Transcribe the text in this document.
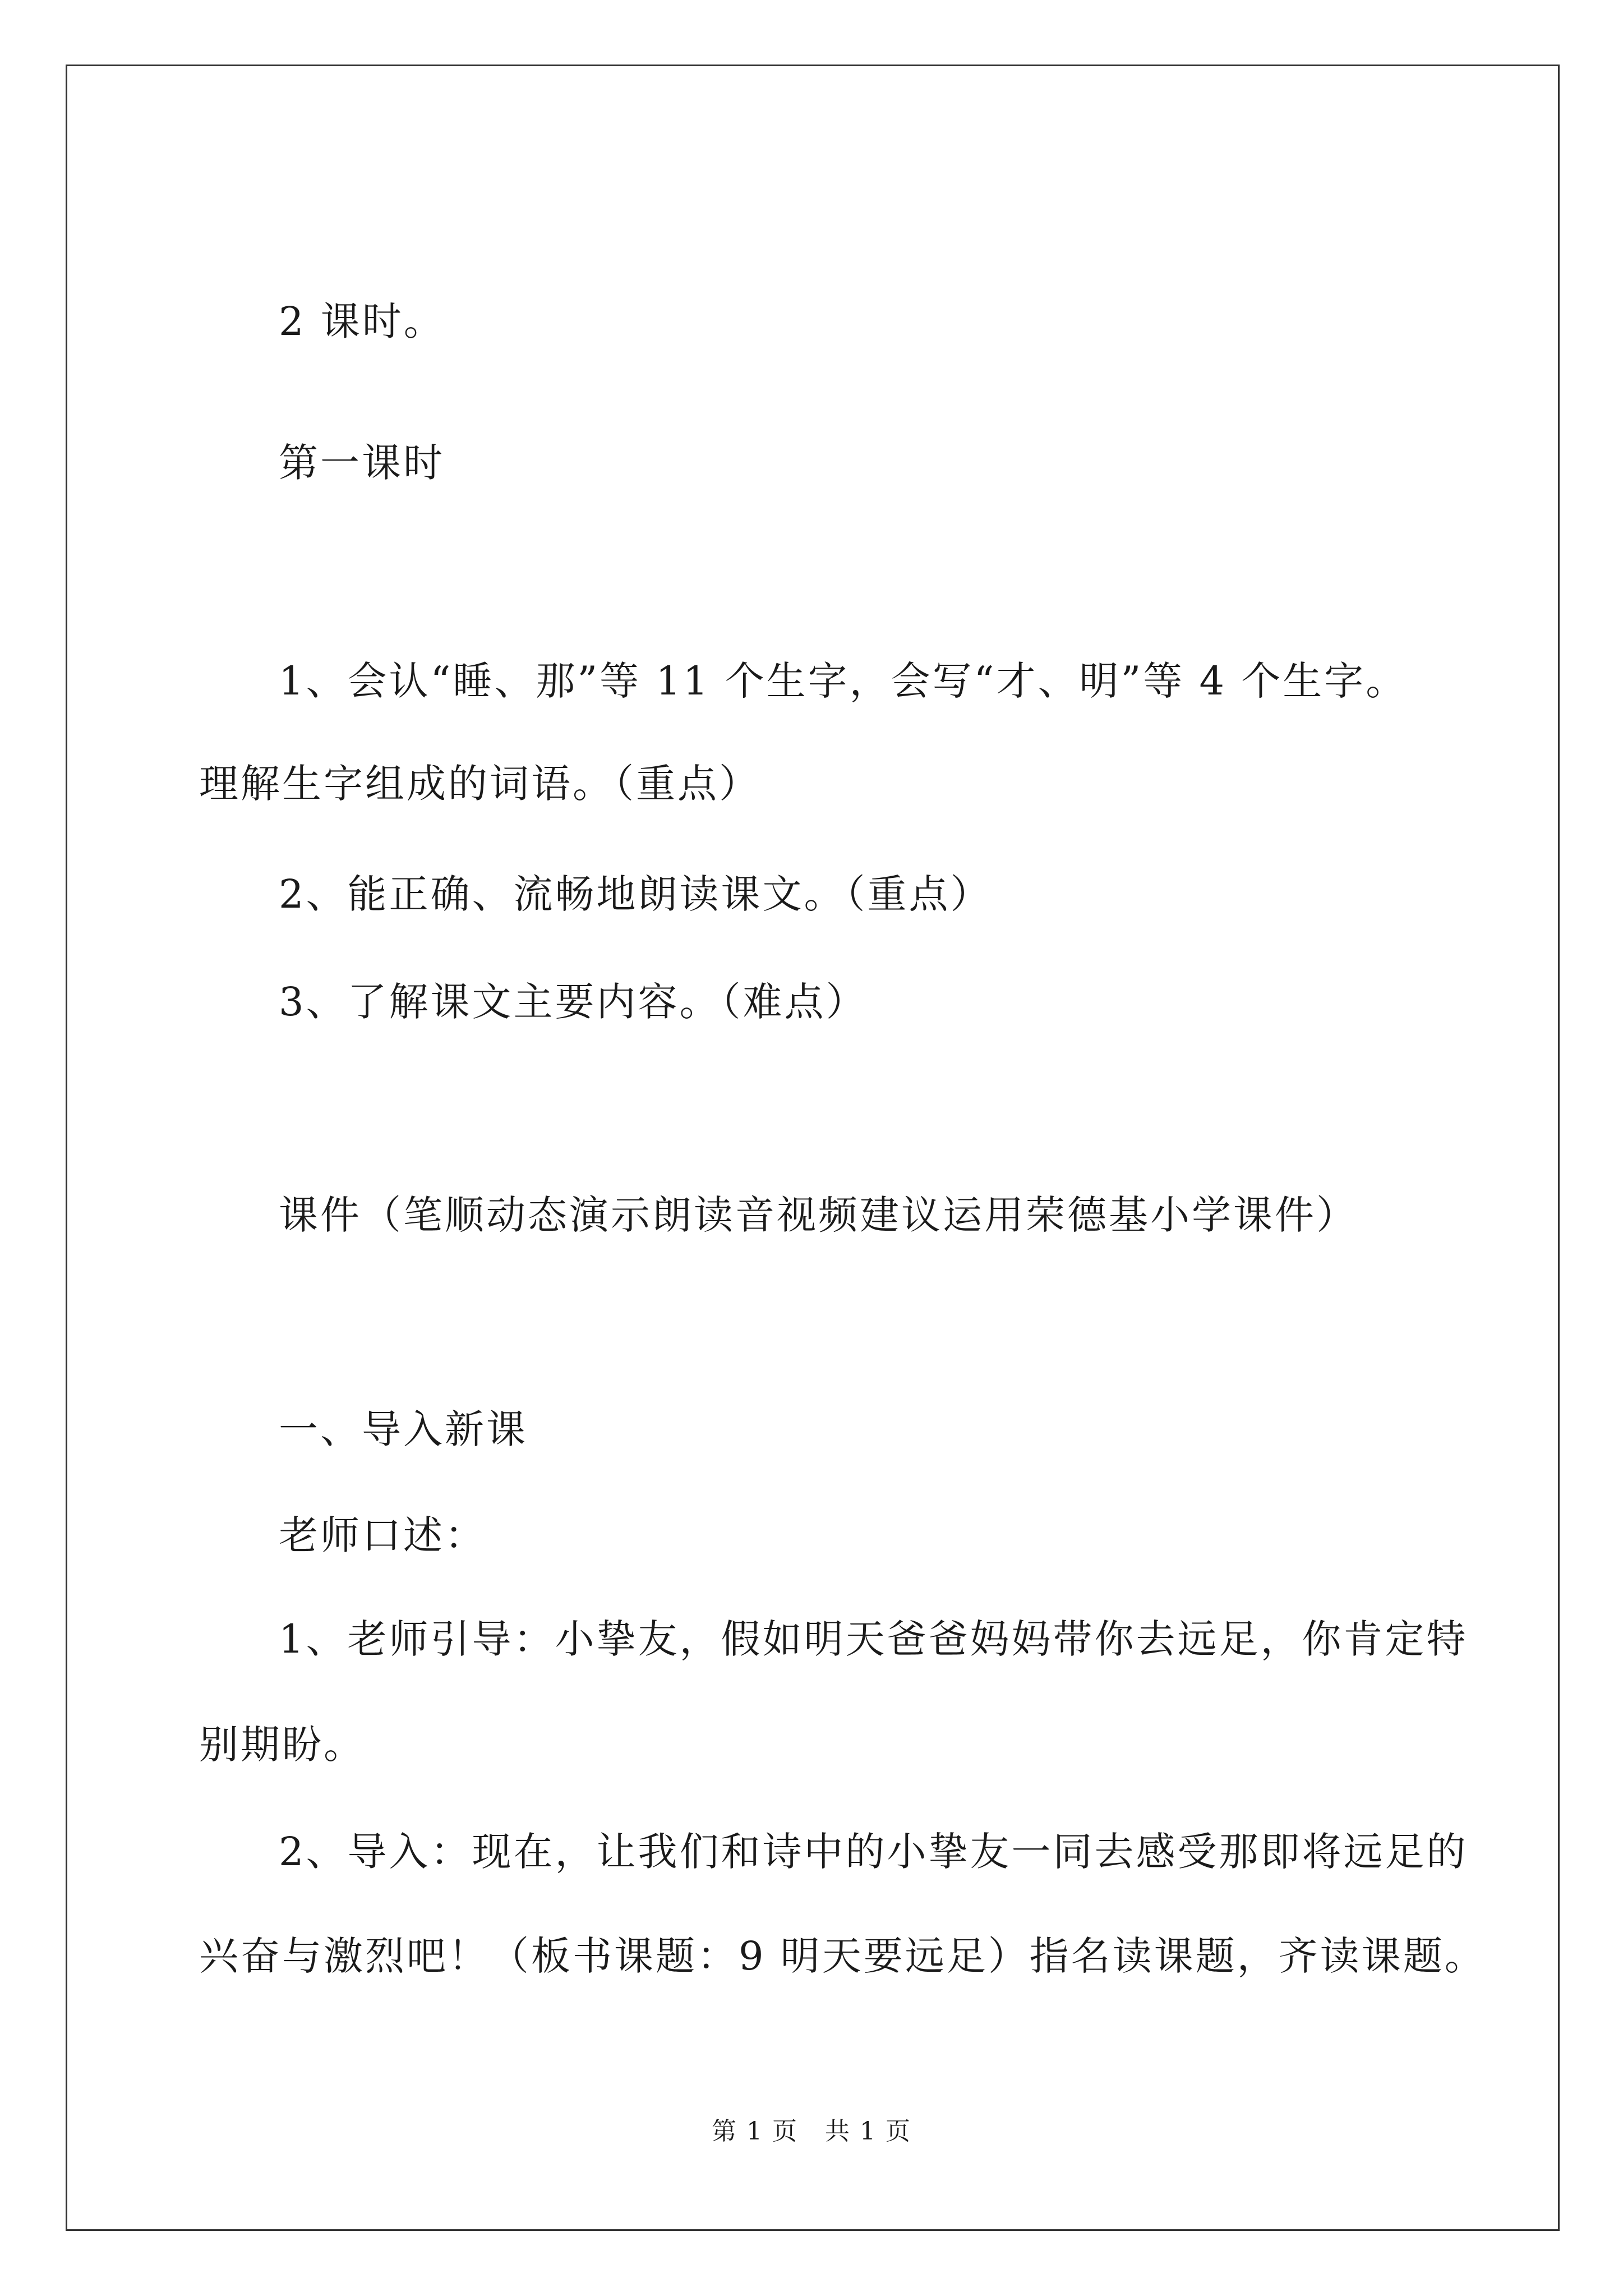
2 课时。
第一课时
1、会认“睡、那”等 11 个生字，会写“才、明”等 4 个生字。
理解生字组成的词语。（重点）
2、能正确、流畅地朗读课文。（重点）
3、了解课文主要内容。（难点）
课件（笔顺动态演示朗读音视频建议运用荣德基小学课件）
一、导入新课
老师口述：
1、老师引导：小挚友，假如明天爸爸妈妈带你去远足，你肯定特
别期盼。
2、导入：现在，让我们和诗中的小挚友一同去感受那即将远足的
兴奋与激烈吧！（板书课题：9 明天要远足）指名读课题，齐读课题。
第 1 页 共 1 页
